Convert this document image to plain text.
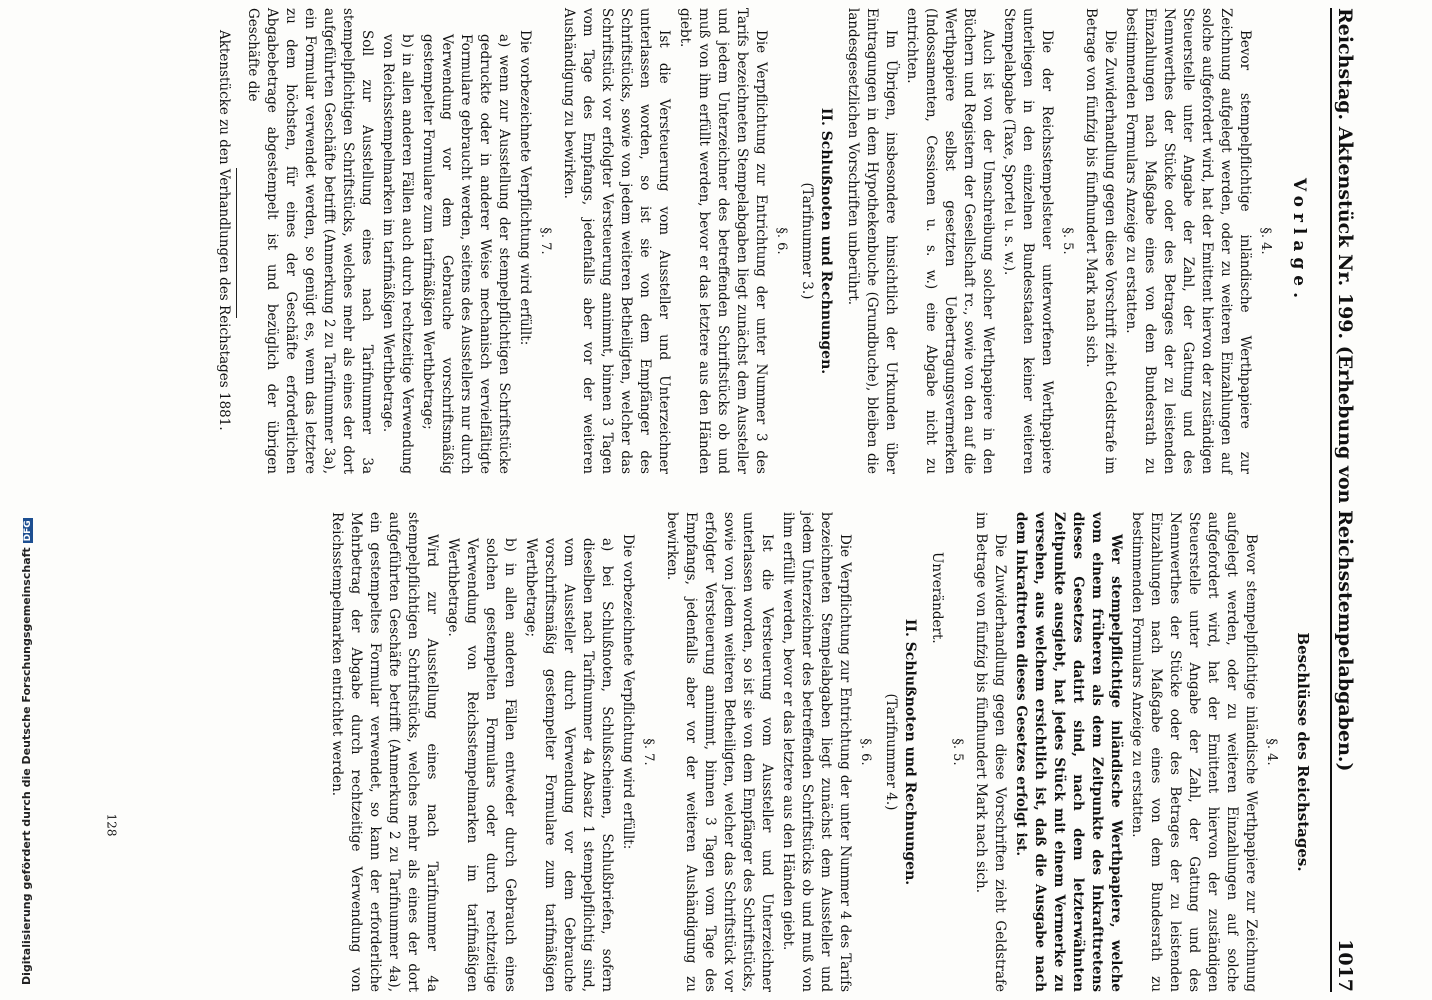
Digitalisierung gefördert durch die Deutsche ForschungsgemeinschaftDFG	Reichstag. Aktenstück Nr. 199. (Erhebung von Reichsstempelabgaben.)
1017
Vorlage.
§. 4.

Bevor stempelpflichtige inländische Werthpapiere zur Zeichnung aufgelegt werden, oder zu weiteren Einzahlungen auf solche aufgefordert wird, hat der Emittent hiervon der zuständigen Steuerstelle unter Angabe der Zahl, der Gattung und des Nennwerthes der Stücke oder des Betrages der zu leistenden Einzahlungen nach Maßgabe eines von dem Bundesrath zu bestimmenden Formulars Anzeige zu erstatten.

Die Zuwiderhandlung gegen diese Vorschrift zieht Geldstrafe im Betrage von fünfzig bis fünfhundert Mark nach sich.

§. 5.

Die der Reichsstempelsteuer unterworfenen Werthpapiere unterliegen in den einzelnen Bundesstaaten keiner weiteren Stempelabgabe (Taxe, Sportel u. s. w.).

Auch ist von der Umschreibung solcher Werthpapiere in den Büchern und Registern der Gesellschaft rc., sowie von den auf die Werthpapiere selbst gesetzten Uebertragungsvermerken (Indossamenten, Cessionen u. s. w.) eine Abgabe nicht zu entrichten.

Im Übrigen, insbesondere hinsichtlich der Urkunden über Eintragungen in dem Hypothekenbuche (Grundbuche), bleiben die landesgesetzlichen Vorschriften unberührt.

II. Schlußnoten und Rechnungen.
(Tarifnummer 3.)
§. 6.

Die Verpflichtung zur Entrichtung der unter Nummer 3 des Tarifs bezeichneten Stempelabgaben liegt zunächst dem Aussteller und jedem Unterzeichner des betreffenden Schriftstücks ob und muß von ihm erfüllt werden, bevor er das letztere aus den Händen giebt.

Ist die Versteuerung vom Aussteller und Unterzeichner unterlassen worden, so ist sie von dem Empfänger des Schriftstücks, sowie von jedem weiteren Betheiligten, welcher das Schriftstück vor erfolgter Versteuerung annimmt, binnen 3 Tagen vom Tage des Empfangs, jedenfalls aber vor der weiteren Aushändigung zu bewirken.

§. 7.

Die vorbezeichnete Verpflichtung wird erfüllt:

a) wenn zur Ausstellung der stempelpflichtigen Schriftstücke gedruckte oder in anderer Weise mechanisch vervielfältigte Formulare gebraucht werden, seitens des Ausstellers nur durch Verwendung vor dem Gebrauche vorschriftsmäßig gestempelter Formulare zum tarifmäßigen Werthbetrage;

b) in allen anderen Fällen auch durch rechtzeitige Verwendung von Reichsstempelmarken im tarifmäßigen Werthbetrage.

Soll zur Ausstellung eines nach Tarifnummer 3a stempelpflichtigen Schriftstücks, welches mehr als eines der dort aufgeführten Geschäfte betrifft (Anmerkung 2 zu Tarifnummer 3a), ein Formular verwendet werden, so genügt es, wenn das letztere zu dem höchsten, für eines der Geschäfte erforderlichen Abgabebetrage abgestempelt ist und bezüglich der übrigen Geschäfte die

Aktenstücke zu den Verhandlungen des Reichstages 1881.

Beschlüsse des Reichstages.
§. 4.

Bevor stempelpflichtige inländische Werthpapiere zur Zeichnung aufgelegt werden, oder zu weiteren Einzahlungen auf solche aufgefordert wird, hat der Emittent hiervon der zuständigen Steuerstelle unter Angabe der Zahl, der Gattung und des Nennwerthes der Stücke oder des Betrages der zu leistenden Einzahlungen nach Maßgabe eines von dem Bundesrath zu bestimmenden Formulars Anzeige zu erstatten.

Wer stempelpflichtige inländische Werthpapiere, welche vom einem früheren als dem Zeitpunkte des Inkrafttretens dieses Gesetzes datirt sind, nach dem letzterwähnten Zeitpunkte ausgiebt, hat jedes Stück mit einem Vermerke zu versehen, aus welchem ersichtlich ist, daß die Ausgabe nach dem Inkrafttreten dieses Gesetzes erfolgt ist.

Die Zuwiderhandlung gegen diese Vorschriften zieht Geldstrafe im Betrage von fünfzig bis fünfhundert Mark nach sich.

§. 5.

Unverändert.

II. Schlußnoten und Rechnungen.
(Tarifnummer 4.)
§. 6.

Die Verpflichtung zur Entrichtung der unter Nummer 4 des Tarifs bezeichneten Stempelabgaben liegt zunächst dem Aussteller und jedem Unterzeichner des betreffenden Schriftstücks ob und muß von ihm erfüllt werden, bevor er das letztere aus den Händen giebt.

Ist die Versteuerung vom Aussteller und Unterzeichner unterlassen worden, so ist sie von dem Empfänger des Schriftstücks, sowie von jedem weiteren Betheiligten, welcher das Schriftstück vor erfolgter Versteuerung annimmt, binnen 3 Tagen vom Tage des Empfangs, jedenfalls aber vor der weiteren Aushändigung zu bewirken.

§. 7.

Die vorbezeichnete Verpflichtung wird erfüllt:

a) bei Schlußnoten, Schlußscheinen, Schlußbriefen, sofern dieselben nach Tarifnummer 4a Absatz 1 stempelpflichtig sind, vom Aussteller durch Verwendung vor dem Gebrauche vorschriftsmäßig gestempelter Formulare zum tarifmäßigen Werthbetrage;

b) in allen anderen Fällen entweder durch Gebrauch eines solchen gestempelten Formulars oder durch rechtzeitige Verwendung von Reichsstempelmarken im tarifmäßigen Werthbetrage.

Wird zur Ausstellung eines nach Tarifnummer 4a stempelpflichtigen Schriftstücks, welches mehr als eines der dort aufgeführten Geschäfte betrifft (Anmerkung 2 zu Tarifnummer 4a), ein gestempeltes Formular verwendet, so kann der erforderliche Mehrbetrag der Abgabe durch rechtzeitige Verwendung von Reichsstempelmarken entrichtet werden.

128
